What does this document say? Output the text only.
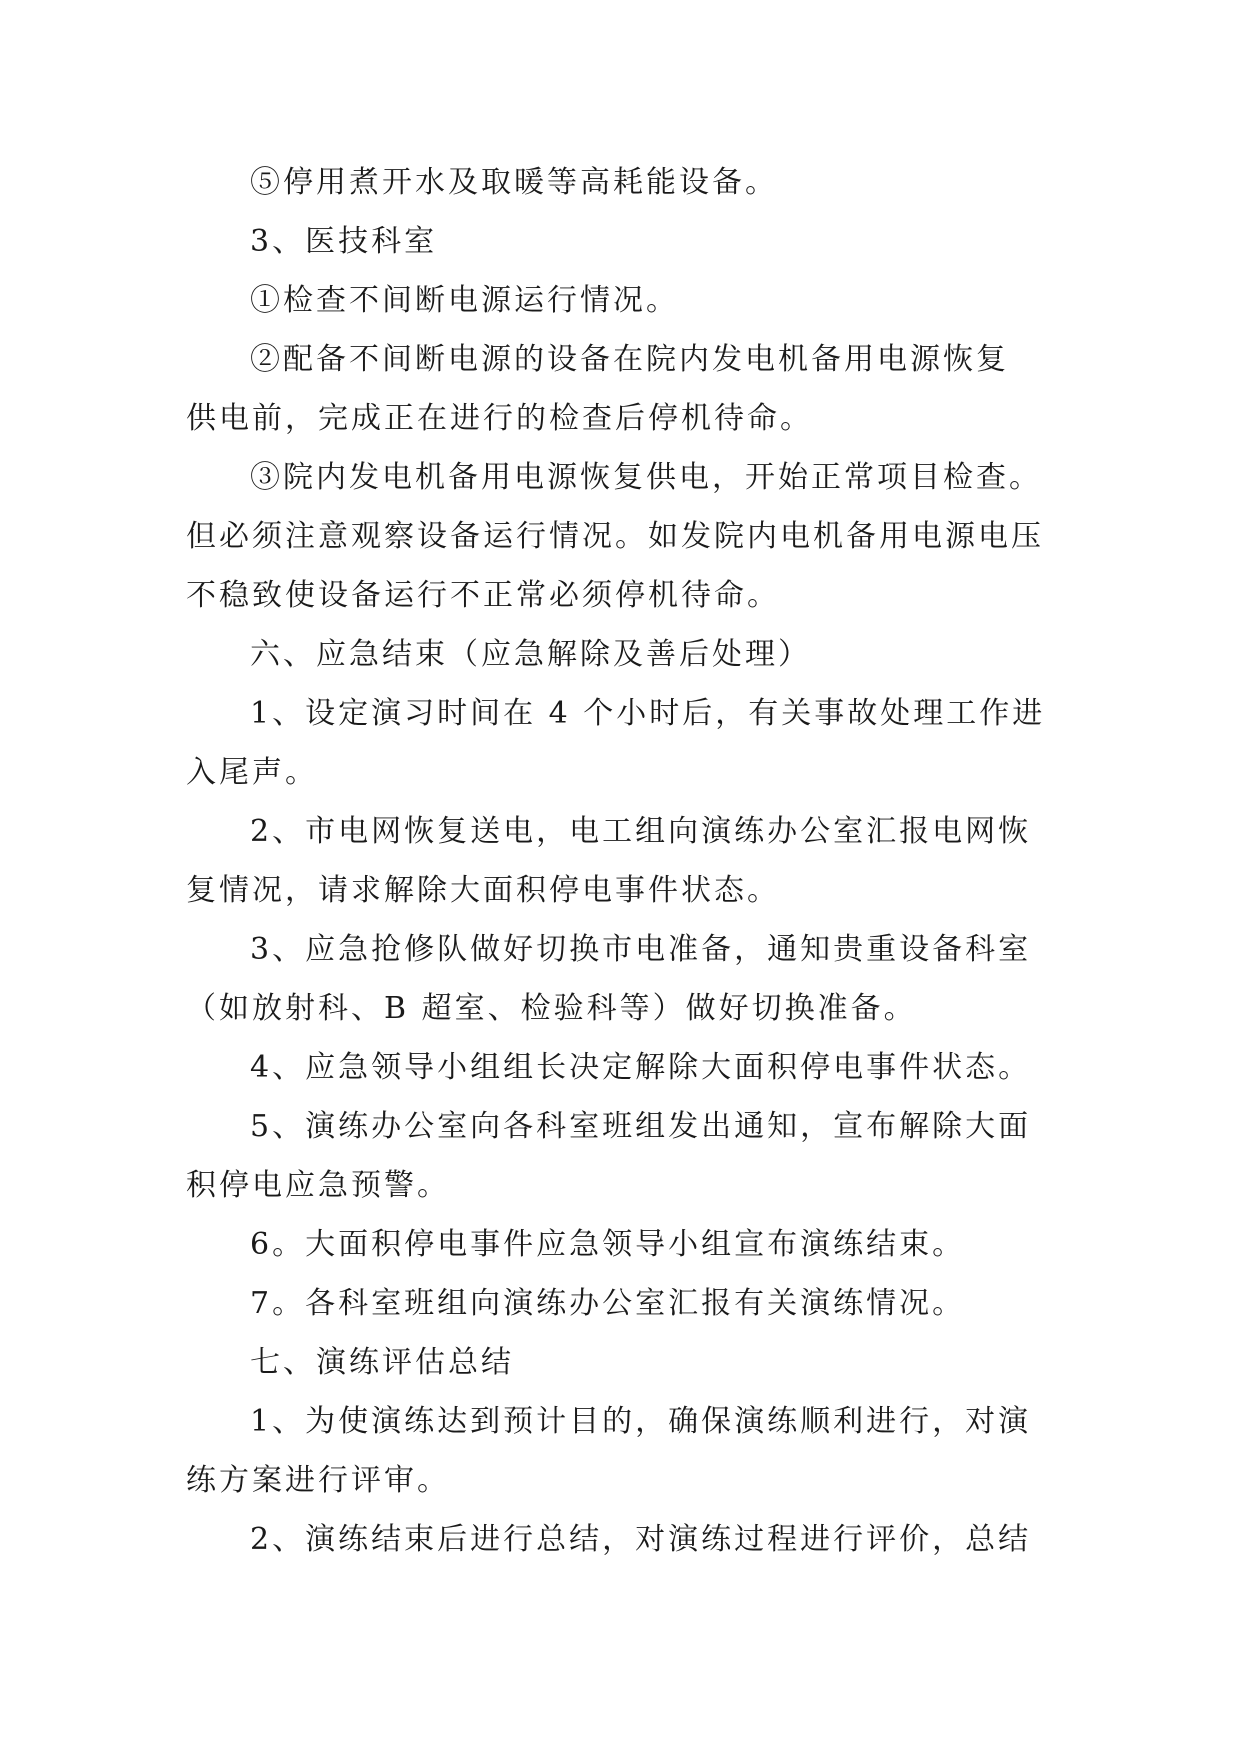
⑤停用煮开水及取暖等高耗能设备。

3、医技科室

①检查不间断电源运行情况。

②配备不间断电源的设备在院内发电机备用电源恢复

供电前，完成正在进行的检查后停机待命。

③院内发电机备用电源恢复供电，开始正常项目检查。

但必须注意观察设备运行情况。如发院内电机备用电源电压

不稳致使设备运行不正常必须停机待命。

六、应急结束（应急解除及善后处理）

1、设定演习时间在 4 个小时后，有关事故处理工作进

入尾声。

2、市电网恢复送电，电工组向演练办公室汇报电网恢

复情况，请求解除大面积停电事件状态。

3、应急抢修队做好切换市电准备，通知贵重设备科室

（如放射科、B 超室、检验科等）做好切换准备。

4、应急领导小组组长决定解除大面积停电事件状态。

5、演练办公室向各科室班组发出通知，宣布解除大面

积停电应急预警。

6。大面积停电事件应急领导小组宣布演练结束。

7。各科室班组向演练办公室汇报有关演练情况。

七、演练评估总结

1、为使演练达到预计目的，确保演练顺利进行，对演

练方案进行评审。

2、演练结束后进行总结，对演练过程进行评价，总结
